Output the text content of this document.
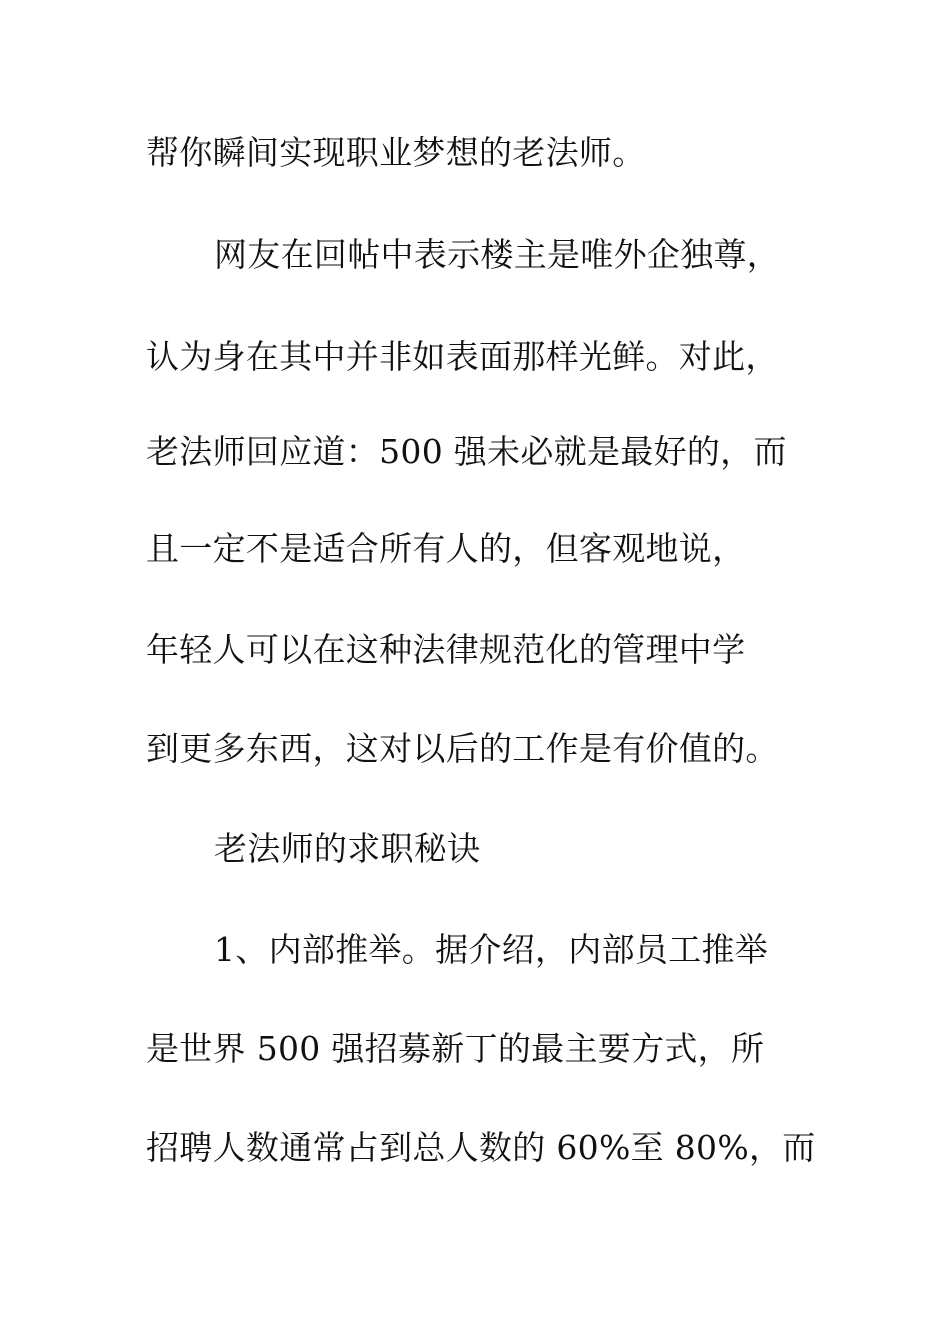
帮你瞬间实现职业梦想的老法师。
网友在回帖中表示楼主是唯外企独尊，
认为身在其中并非如表面那样光鲜。对此，
老法师回应道：500 强未必就是最好的，而
且一定不是适合所有人的，但客观地说，
年轻人可以在这种法律规范化的管理中学
到更多东西，这对以后的工作是有价值的。
老法师的求职秘诀
1、内部推举。据介绍，内部员工推举
是世界 500 强招募新丁的最主要方式，所
招聘人数通常占到总人数的 60%至 80%，而
